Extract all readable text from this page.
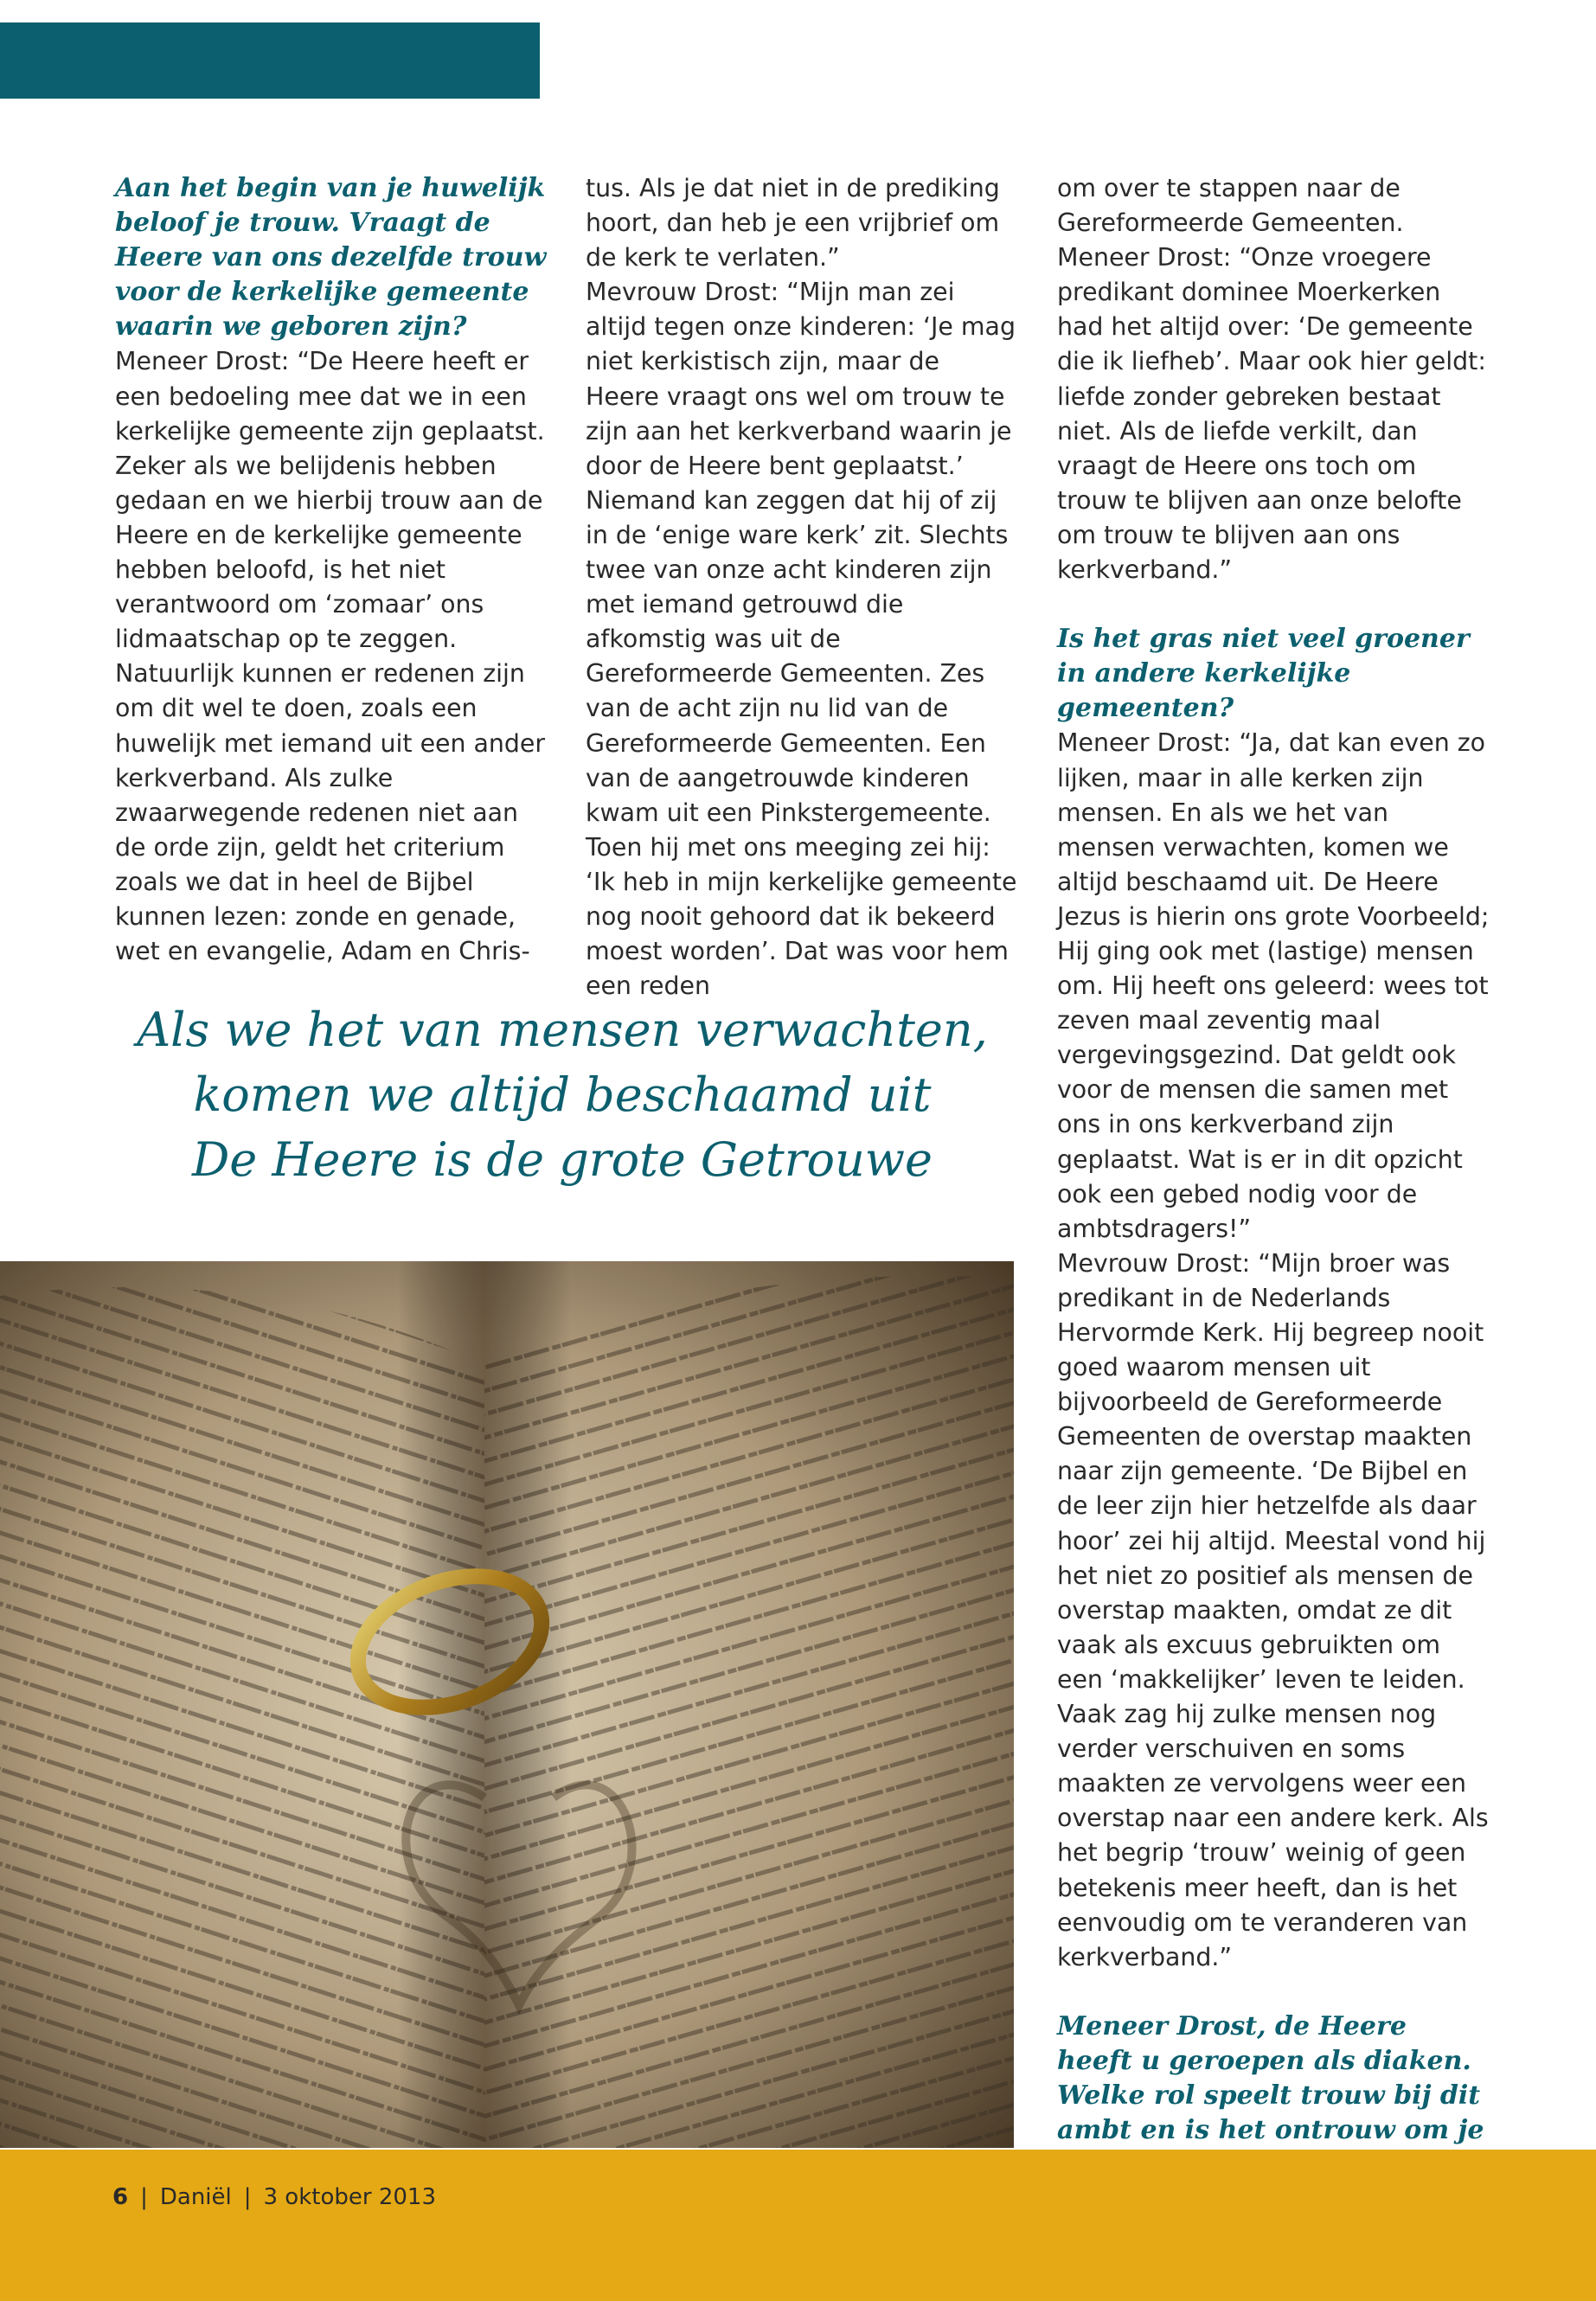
Aan het begin van je huwelijk beloof je trouw. Vraagt de Heere van ons dezelfde trouw voor de kerkelijke gemeente waarin we geboren zijn?

Meneer Drost: “De Heere heeft er een bedoeling mee dat we in een kerkelijke gemeente zijn geplaatst. Zeker als we belijdenis hebben gedaan en we hierbij trouw aan de Heere en de kerkelijke gemeente hebben beloofd, is het niet verantwoord om ‘zomaar’ ons lidmaatschap op te zeggen. Natuurlijk kunnen er redenen zijn om dit wel te doen, zoals een huwelijk met iemand uit een ander kerkverband. Als zulke zwaarwegende redenen niet aan de orde zijn, geldt het criterium zoals we dat in heel de Bijbel kunnen lezen: zonde en genade, wet en evangelie, Adam en Chris-

tus. Als je dat niet in de prediking hoort, dan heb je een vrijbrief om de kerk te verlaten.”

Mevrouw Drost: “Mijn man zei altijd tegen onze kinderen: ‘Je mag niet kerkistisch zijn, maar de Heere vraagt ons wel om trouw te zijn aan het kerkverband waarin je door de Heere bent geplaatst.’ Niemand kan zeggen dat hij of zij in de ‘enige ware kerk’ zit. Slechts twee van onze acht kinderen zijn met iemand getrouwd die afkomstig was uit de Gereformeerde Gemeenten. Zes van de acht zijn nu lid van de Gereformeerde Gemeenten. Een van de aangetrouwde kinderen kwam uit een Pinkstergemeente. Toen hij met ons meeging zei hij: ‘Ik heb in mijn kerkelijke gemeente nog nooit gehoord dat ik bekeerd moest worden’. Dat was voor hem een reden

om over te stappen naar de Gereformeerde Gemeenten.

Meneer Drost: “Onze vroegere predikant dominee Moerkerken had het altijd over: ‘De gemeente die ik liefheb’. Maar ook hier geldt: liefde zonder gebreken bestaat niet. Als de liefde verkilt, dan vraagt de Heere ons toch om trouw te blijven aan onze belofte om trouw te blijven aan ons kerkverband.”

Is het gras niet veel groener in andere kerkelijke gemeenten?

Meneer Drost: “Ja, dat kan even zo lijken, maar in alle kerken zijn mensen. En als we het van mensen verwachten, komen we altijd beschaamd uit. De Heere Jezus is hierin ons grote Voorbeeld; Hij ging ook met (lastige) mensen om. Hij heeft ons geleerd: wees tot zeven maal zeventig maal vergevingsgezind. Dat geldt ook voor de mensen die samen met ons in ons kerkverband zijn geplaatst. Wat is er in dit opzicht ook een gebed nodig voor de ambtsdragers!”

Mevrouw Drost: “Mijn broer was predikant in de Nederlands Hervormde Kerk. Hij begreep nooit goed waarom mensen uit bijvoorbeeld de Gereformeerde Gemeenten de overstap maakten naar zijn gemeente. ‘De Bijbel en de leer zijn hier hetzelfde als daar hoor’ zei hij altijd. Meestal vond hij het niet zo positief als mensen de overstap maakten, omdat ze dit vaak als excuus gebruikten om een ‘makkelijker’ leven te leiden. Vaak zag hij zulke mensen nog verder verschuiven en soms maakten ze vervolgens weer een overstap naar een andere kerk. Als het begrip ‘trouw’ weinig of geen betekenis meer heeft, dan is het eenvoudig om te veranderen van kerkverband.”

Meneer Drost, de Heere heeft u geroepen als diaken. Welke rol speelt trouw bij dit ambt en is het ontrouw om je

Als we het van mensen verwachten,
komen we altijd beschaamd uit
De Heere is de grote Getrouwe
6 | Daniël | 3 oktober 2013
